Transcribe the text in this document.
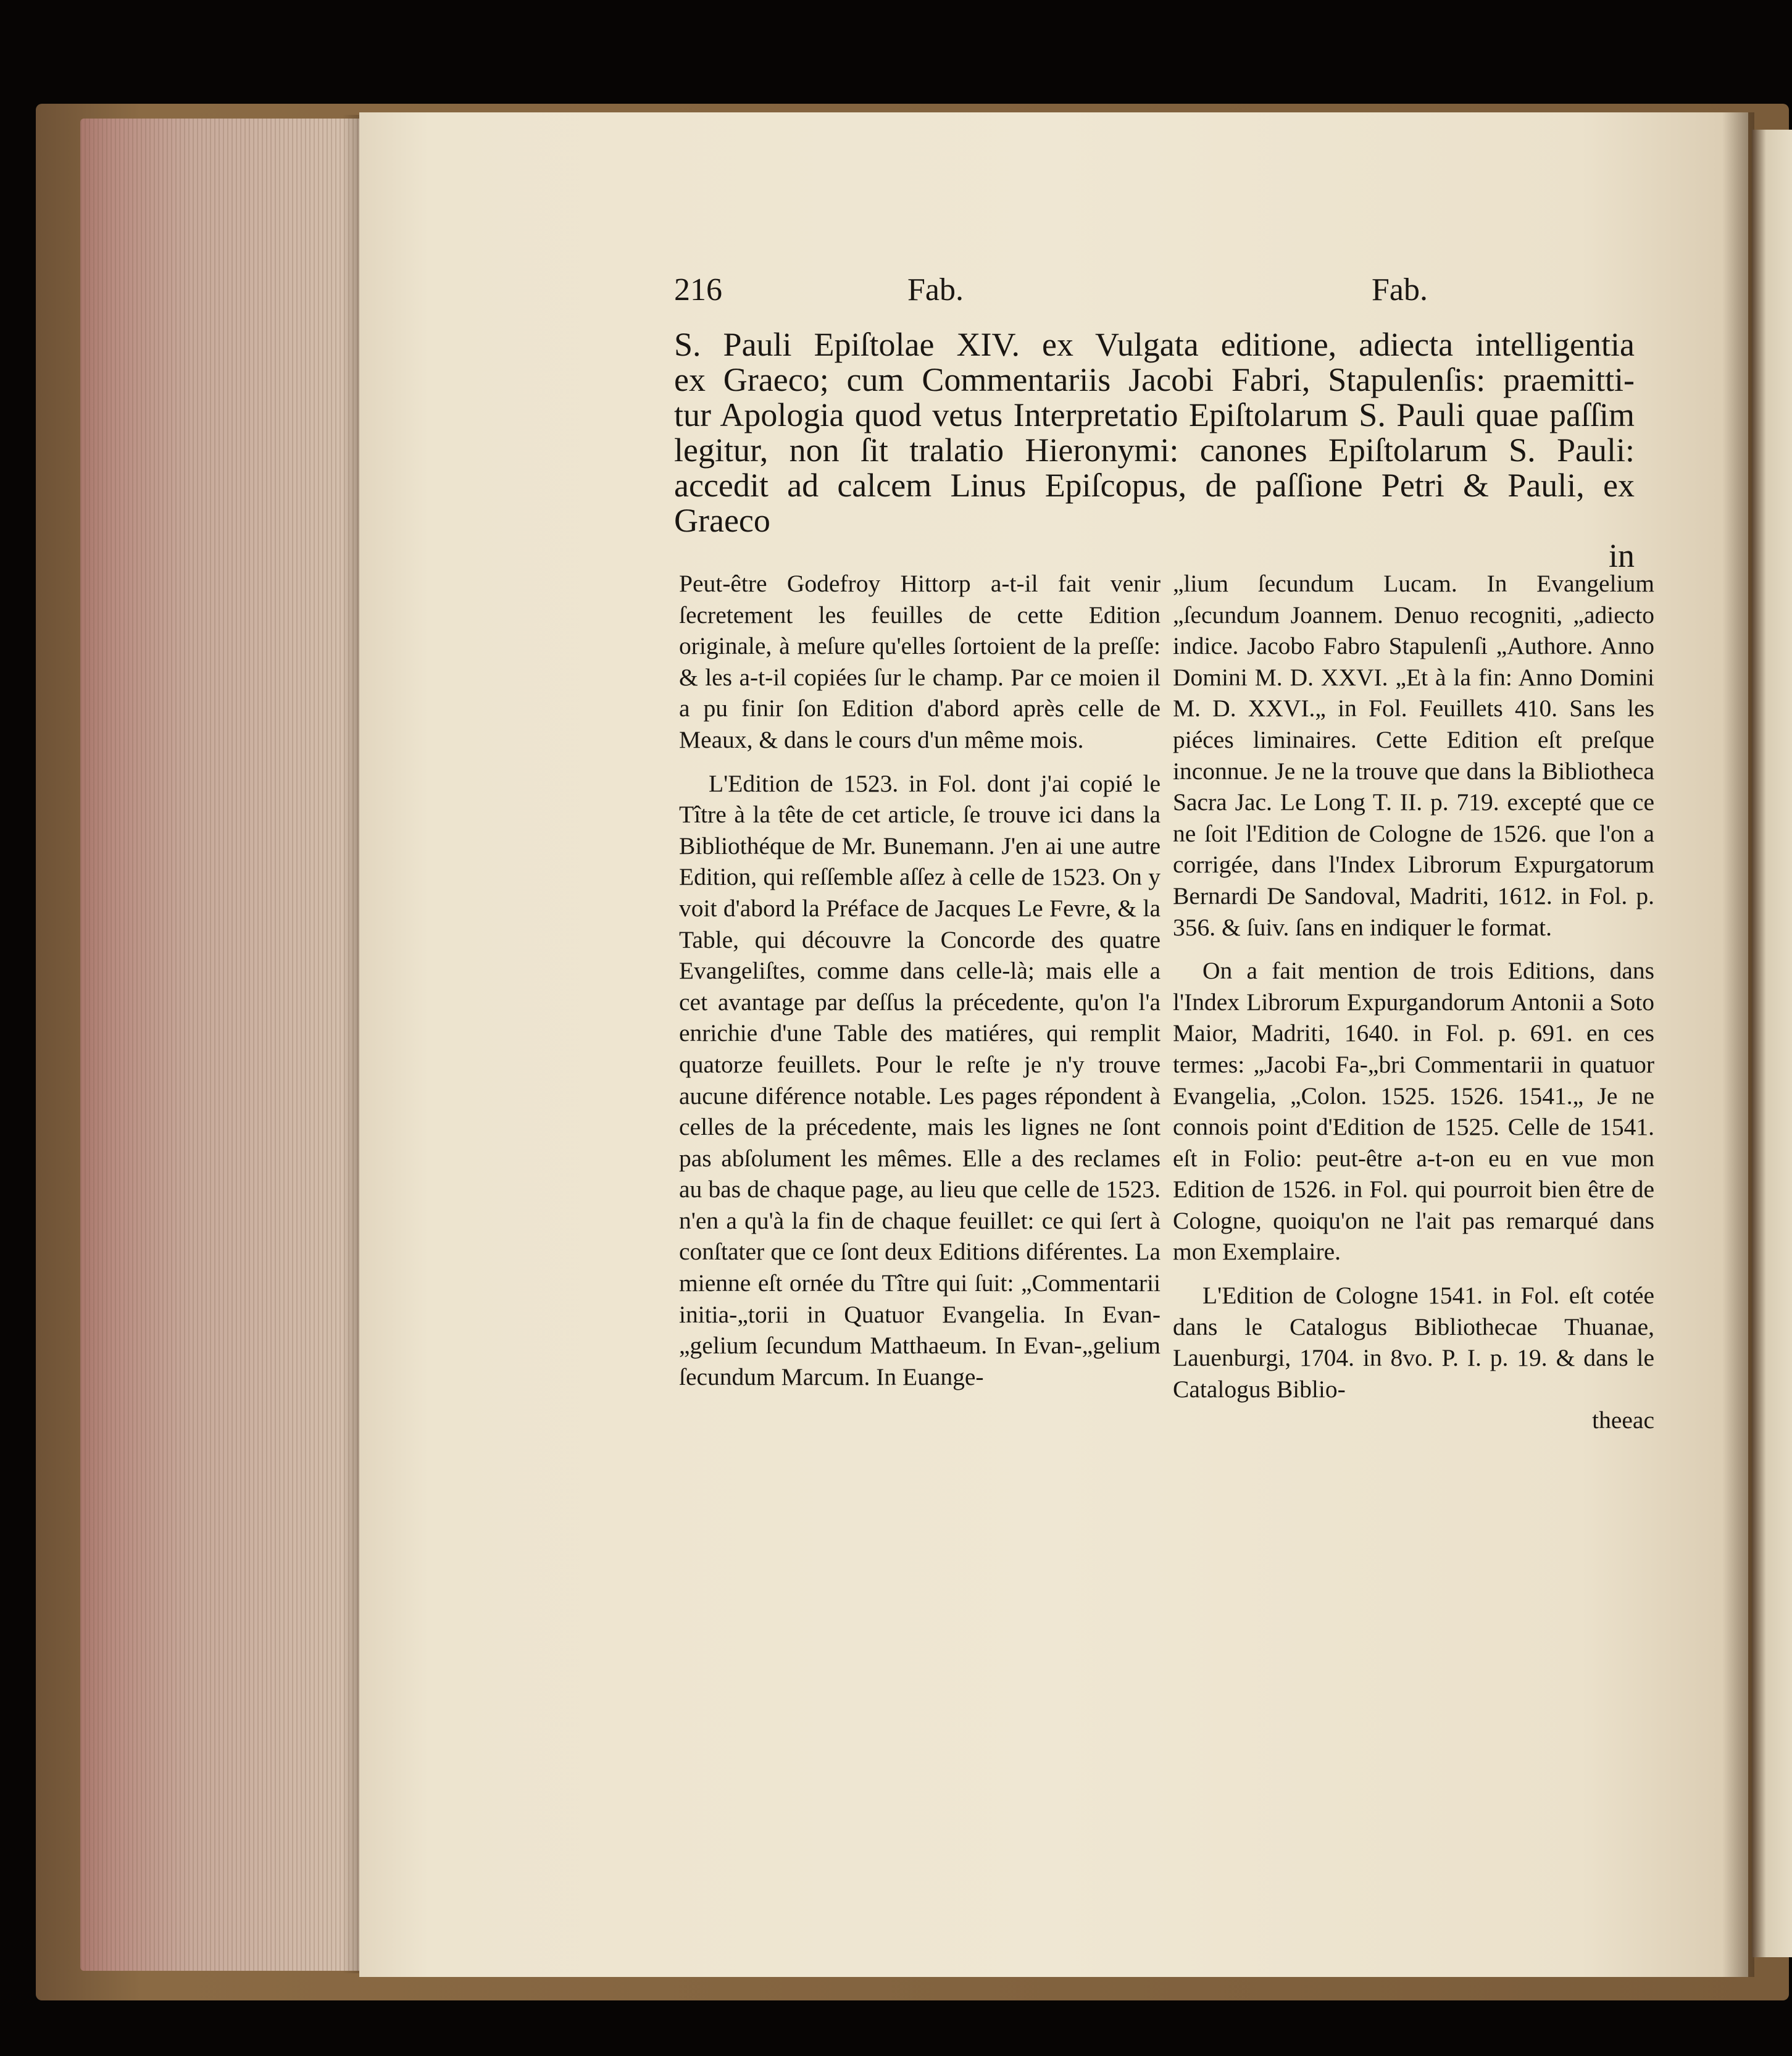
216	Fab.	Fab.

S. Pauli Epiſtolae XIV. ex Vulgata editione, adiecta intelligentia

ex Graeco; cum Commentariis Jacobi Fabri, Stapulenſis: praemitti-

tur Apologia quod vetus Interpretatio Epiſtolarum S. Pauli quae paſſim

legitur, non ſit tralatio Hieronymi: canones Epiſtolarum S. Pauli:

accedit ad calcem Linus Epiſcopus, de paſſione Petri & Pauli, ex Graeco

in

Peut-être Godefroy Hittorp a-t-il fait venir ſecretement les feuilles de cette Edition originale, à meſure qu'elles ſortoient de la preſſe: & les a-t-il copiées ſur le champ. Par ce moien il a pu finir ſon Edition d'abord après celle de Meaux, & dans le cours d'un même mois.

L'Edition de 1523. in Fol. dont j'ai copié le Tître à la tête de cet article, ſe trouve ici dans la Bibliothéque de Mr. Bunemann. J'en ai une autre Edition, qui reſſemble aſſez à celle de 1523. On y voit d'abord la Préface de Jacques Le Fevre, & la Table, qui découvre la Concorde des quatre Evangeliſtes, comme dans celle-là; mais elle a cet avantage par deſſus la précedente, qu'on l'a enrichie d'une Table des matiéres, qui remplit quatorze feuillets. Pour le reſte je n'y trouve aucune diférence notable. Les pages répondent à celles de la précedente, mais les lignes ne ſont pas abſolument les mêmes. Elle a des reclames au bas de chaque page, au lieu que celle de 1523. n'en a qu'à la fin de chaque feuillet: ce qui ſert à conſtater que ce ſont deux Editions diférentes. La mienne eſt ornée du Tître qui ſuit: „Commentarii initia-„torii in Quatuor Evangelia. In Evan-„gelium ſecundum Matthaeum. In Evan-„gelium ſecundum Marcum. In Euange-

„lium ſecundum Lucam. In Evangelium „ſecundum Joannem. Denuo recogniti, „adiecto indice. Jacobo Fabro Stapulenſi „Authore. Anno Domini M. D. XXVI. „Et à la fin: Anno Domini M. D. XXVI.„ in Fol. Feuillets 410. Sans les piéces liminaires. Cette Edition eſt preſque inconnue. Je ne la trouve que dans la Bibliotheca Sacra Jac. Le Long T. II. p. 719. excepté que ce ne ſoit l'Edition de Cologne de 1526. que l'on a corrigée, dans l'Index Librorum Expurgatorum Bernardi De Sandoval, Madriti, 1612. in Fol. p. 356. & ſuiv. ſans en indiquer le format.

On a fait mention de trois Editions, dans l'Index Librorum Expurgandorum Antonii a Soto Maior, Madriti, 1640. in Fol. p. 691. en ces termes: „Jacobi Fa-„bri Commentarii in quatuor Evangelia, „Colon. 1525. 1526. 1541.„ Je ne connois point d'Edition de 1525. Celle de 1541. eſt in Folio: peut-être a-t-on eu en vue mon Edition de 1526. in Fol. qui pourroit bien être de Cologne, quoiqu'on ne l'ait pas remarqué dans mon Exemplaire.

L'Edition de Cologne 1541. in Fol. eſt cotée dans le Catalogus Bibliothecae Thuanae, Lauenburgi, 1704. in 8vo. P. I. p. 19. & dans le Catalogus Biblio-

theeac
